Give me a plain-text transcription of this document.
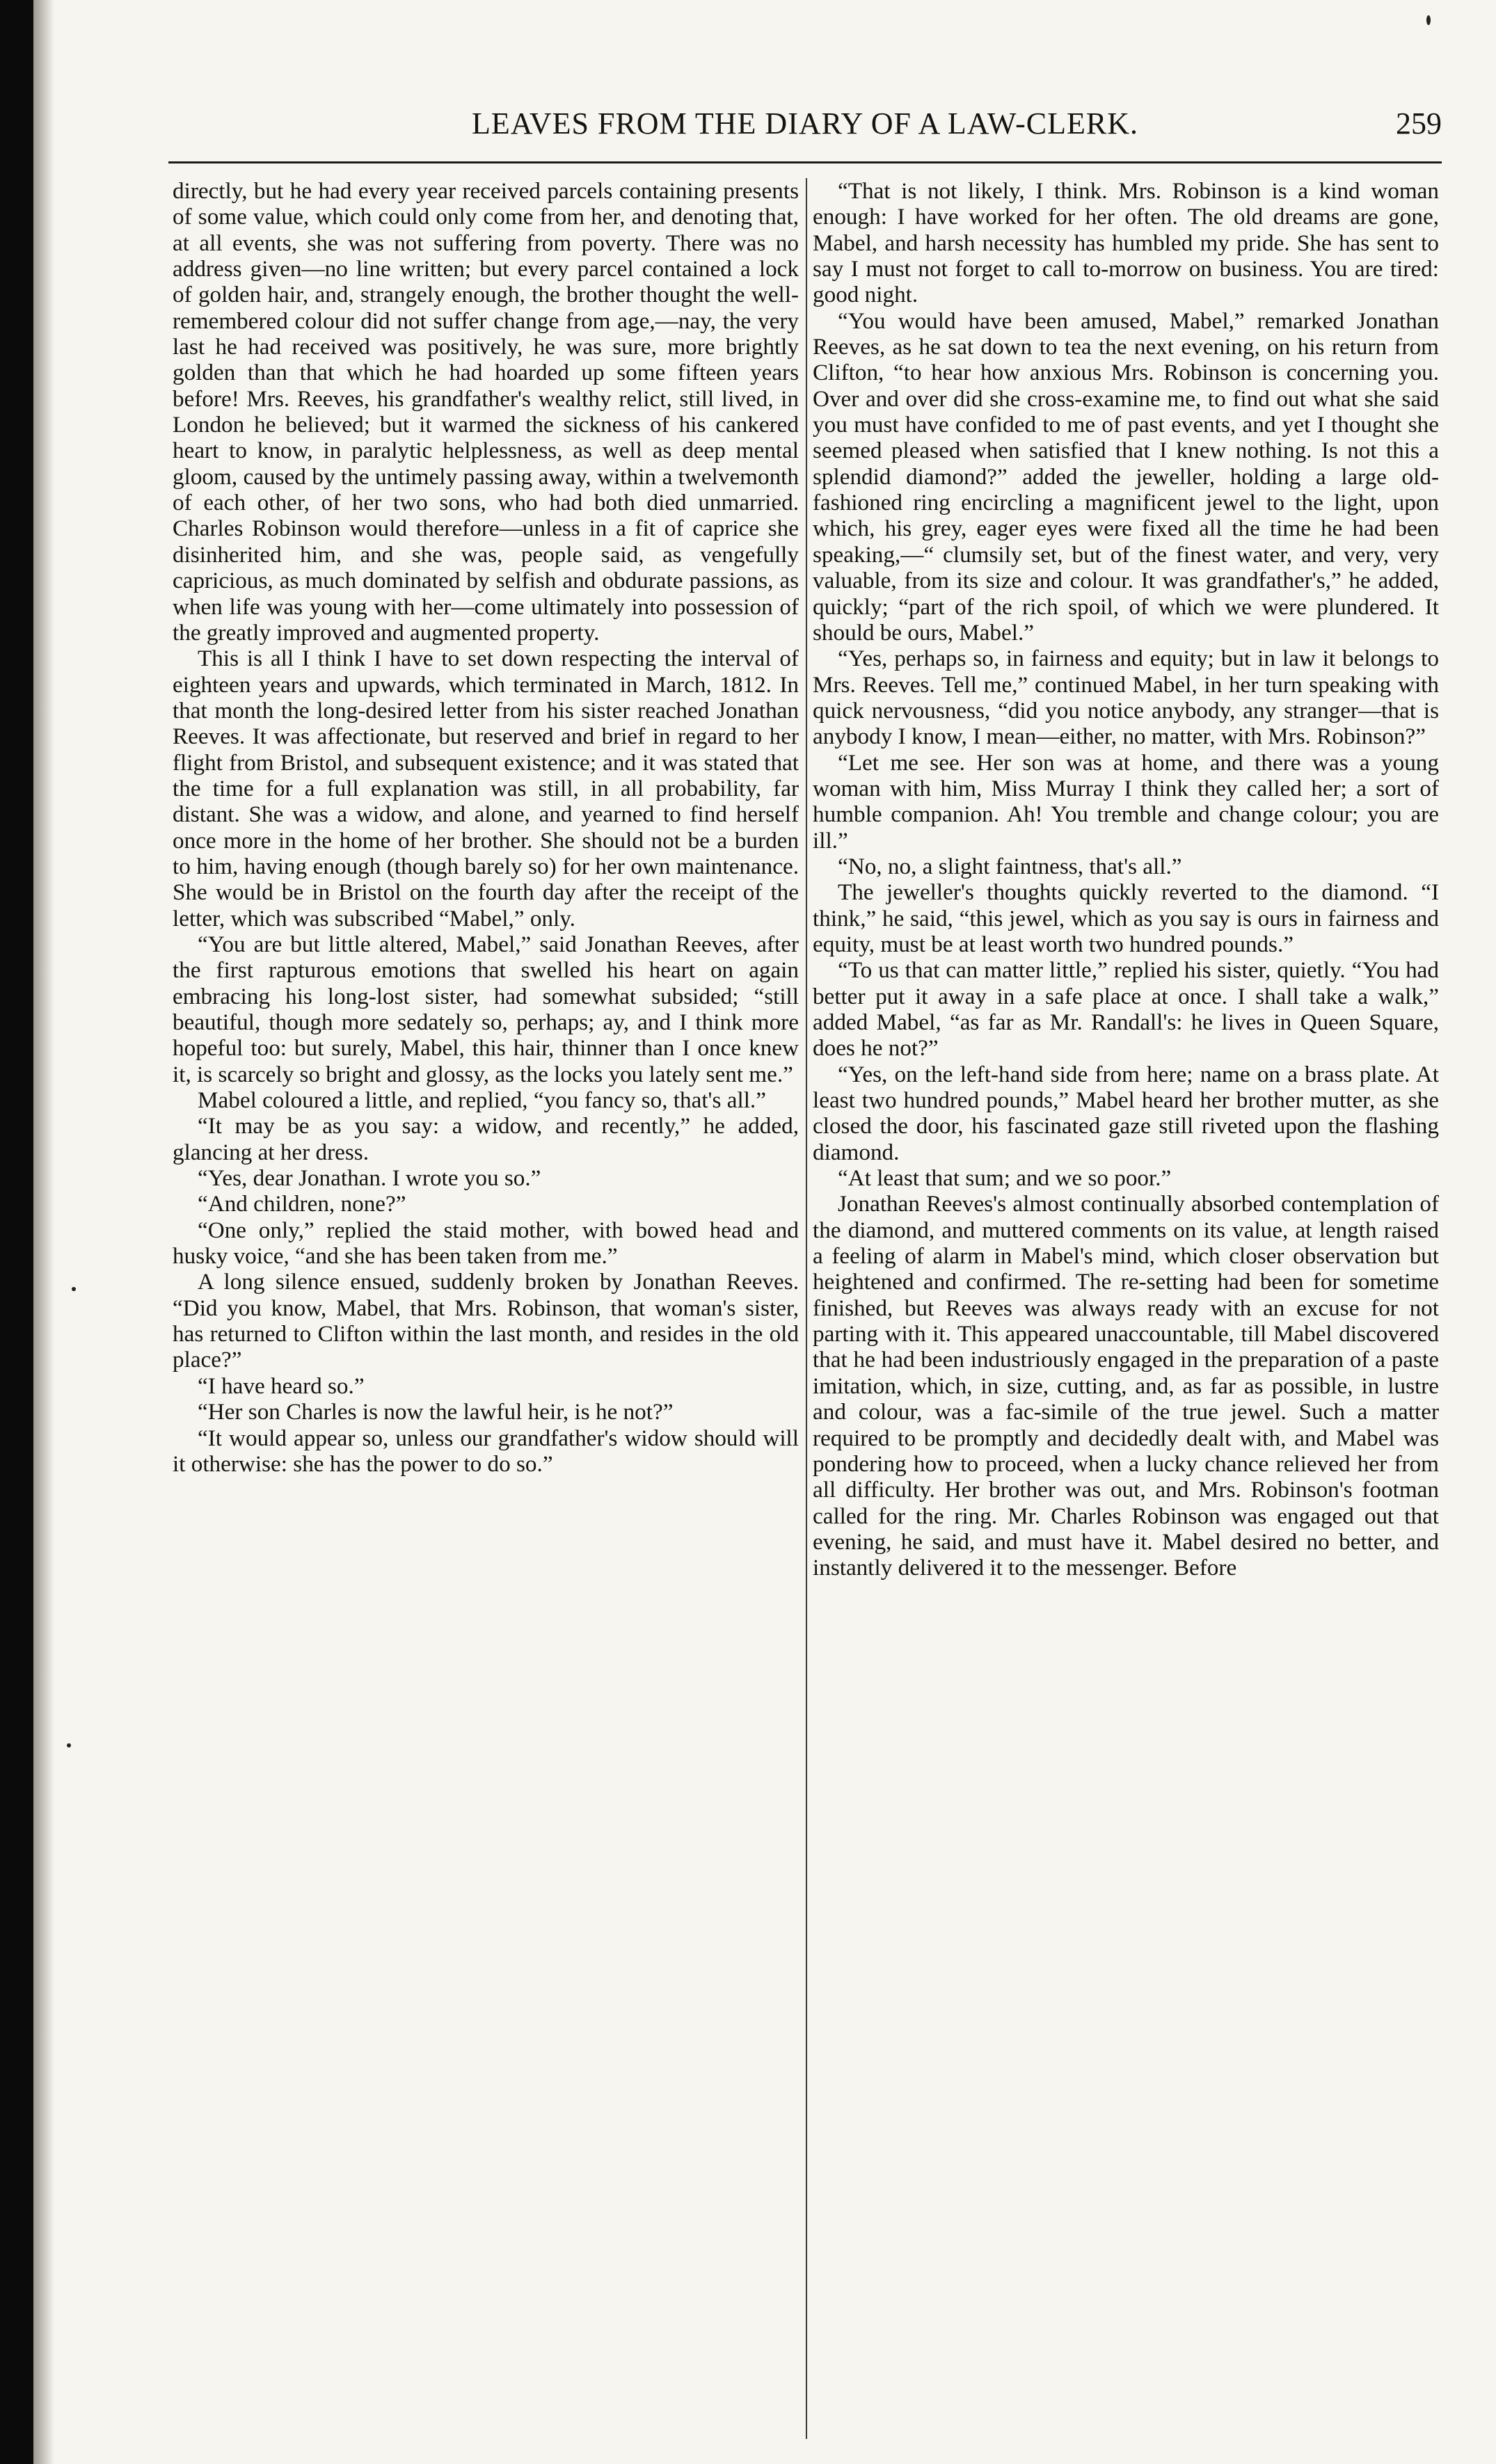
LEAVES FROM THE DIARY OF A LAW-CLERK.	259

directly, but he had every year received parcels containing presents of some value, which could only come from her, and denoting that, at all events, she was not suffering from poverty. There was no address given—no line written; but every parcel contained a lock of golden hair, and, strangely enough, the brother thought the well-remembered colour did not suffer change from age,—nay, the very last he had received was positively, he was sure, more brightly golden than that which he had hoarded up some fifteen years before! Mrs. Reeves, his grandfather's wealthy relict, still lived, in London he believed; but it warmed the sickness of his cankered heart to know, in paralytic helplessness, as well as deep mental gloom, caused by the untimely passing away, within a twelvemonth of each other, of her two sons, who had both died unmarried. Charles Robinson would therefore—unless in a fit of caprice she disinherited him, and she was, people said, as vengefully capricious, as much dominated by selfish and obdurate passions, as when life was young with her—come ultimately into possession of the greatly improved and augmented property.

This is all I think I have to set down respecting the interval of eighteen years and upwards, which terminated in March, 1812. In that month the long-desired letter from his sister reached Jonathan Reeves. It was affectionate, but reserved and brief in regard to her flight from Bristol, and subsequent existence; and it was stated that the time for a full explanation was still, in all probability, far distant. She was a widow, and alone, and yearned to find herself once more in the home of her brother. She should not be a burden to him, having enough (though barely so) for her own maintenance. She would be in Bristol on the fourth day after the receipt of the letter, which was subscribed “Mabel,” only.

“You are but little altered, Mabel,” said Jonathan Reeves, after the first rapturous emotions that swelled his heart on again embracing his long-lost sister, had somewhat subsided; “still beautiful, though more sedately so, perhaps; ay, and I think more hopeful too: but surely, Mabel, this hair, thinner than I once knew it, is scarcely so bright and glossy, as the locks you lately sent me.”

Mabel coloured a little, and replied, “you fancy so, that's all.”

“It may be as you say: a widow, and recently,” he added, glancing at her dress.

“Yes, dear Jonathan. I wrote you so.”

“And children, none?”

“One only,” replied the staid mother, with bowed head and husky voice, “and she has been taken from me.”

A long silence ensued, suddenly broken by Jonathan Reeves. “Did you know, Mabel, that Mrs. Robinson, that woman's sister, has returned to Clifton within the last month, and resides in the old place?”

“I have heard so.”

“Her son Charles is now the lawful heir, is he not?”

“It would appear so, unless our grandfather's widow should will it otherwise: she has the power to do so.”

“That is not likely, I think. Mrs. Robinson is a kind woman enough: I have worked for her often. The old dreams are gone, Mabel, and harsh necessity has humbled my pride. She has sent to say I must not forget to call to-morrow on business. You are tired: good night.

“You would have been amused, Mabel,” remarked Jonathan Reeves, as he sat down to tea the next evening, on his return from Clifton, “to hear how anxious Mrs. Robinson is concerning you. Over and over did she cross-examine me, to find out what she said you must have confided to me of past events, and yet I thought she seemed pleased when satisfied that I knew nothing. Is not this a splendid diamond?” added the jeweller, holding a large old-fashioned ring encircling a magnificent jewel to the light, upon which, his grey, eager eyes were fixed all the time he had been speaking,—“ clumsily set, but of the finest water, and very, very valuable, from its size and colour. It was grandfather's,” he added, quickly; “part of the rich spoil, of which we were plundered. It should be ours, Mabel.”

“Yes, perhaps so, in fairness and equity; but in law it belongs to Mrs. Reeves. Tell me,” continued Mabel, in her turn speaking with quick nervousness, “did you notice anybody, any stranger—that is anybody I know, I mean—either, no matter, with Mrs. Robinson?”

“Let me see. Her son was at home, and there was a young woman with him, Miss Murray I think they called her; a sort of humble companion. Ah! You tremble and change colour; you are ill.”

“No, no, a slight faintness, that's all.”

The jeweller's thoughts quickly reverted to the diamond. “I think,” he said, “this jewel, which as you say is ours in fairness and equity, must be at least worth two hundred pounds.”

“To us that can matter little,” replied his sister, quietly. “You had better put it away in a safe place at once. I shall take a walk,” added Mabel, “as far as Mr. Randall's: he lives in Queen Square, does he not?”

“Yes, on the left-hand side from here; name on a brass plate. At least two hundred pounds,” Mabel heard her brother mutter, as she closed the door, his fascinated gaze still riveted upon the flashing diamond.

“At least that sum; and we so poor.”

Jonathan Reeves's almost continually absorbed contemplation of the diamond, and muttered comments on its value, at length raised a feeling of alarm in Mabel's mind, which closer observation but heightened and confirmed. The re-setting had been for sometime finished, but Reeves was always ready with an excuse for not parting with it. This appeared unaccountable, till Mabel discovered that he had been industriously engaged in the preparation of a paste imitation, which, in size, cutting, and, as far as possible, in lustre and colour, was a fac-simile of the true jewel. Such a matter required to be promptly and decidedly dealt with, and Mabel was pondering how to proceed, when a lucky chance relieved her from all difficulty. Her brother was out, and Mrs. Robinson's footman called for the ring. Mr. Charles Robinson was engaged out that evening, he said, and must have it. Mabel desired no better, and instantly delivered it to the messenger. Before
